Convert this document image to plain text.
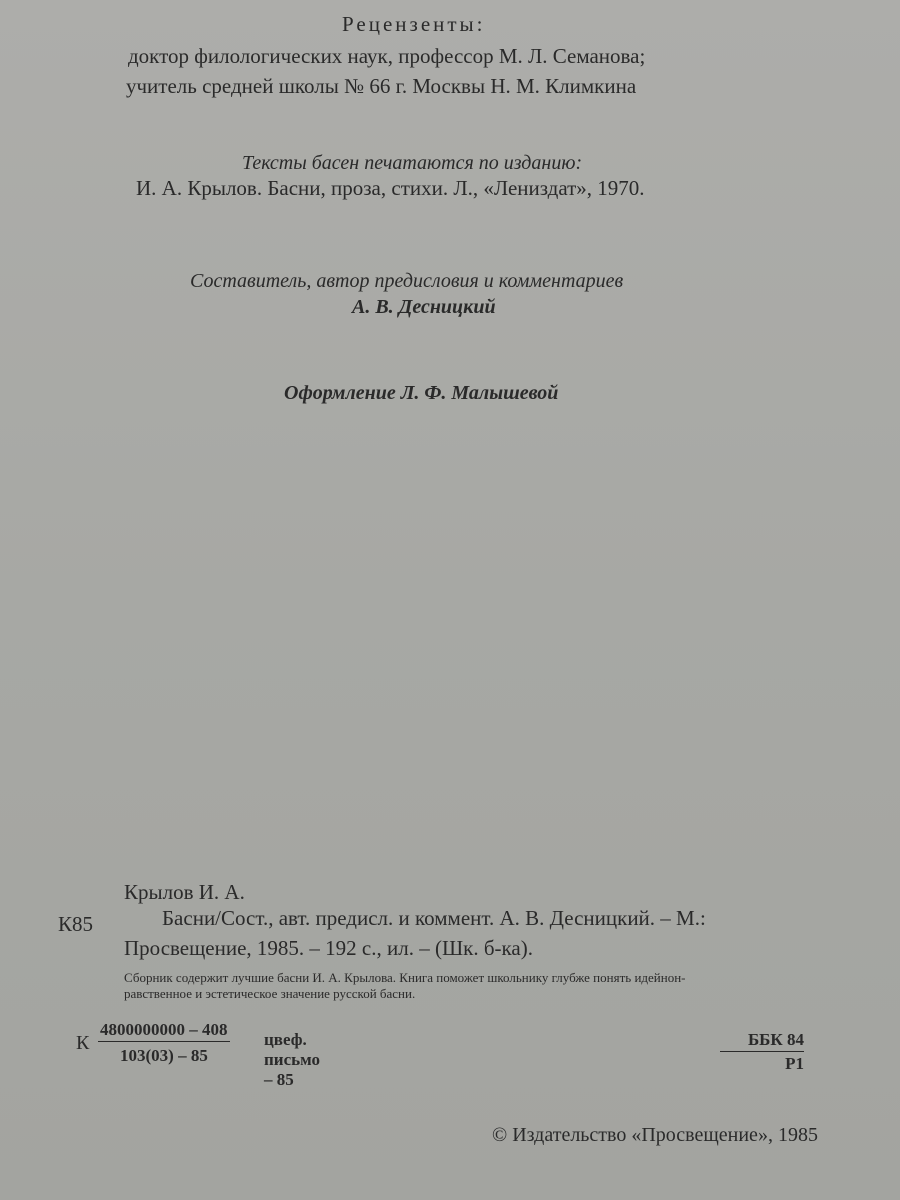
Рецензенты:
доктор филологических наук, профессор М. Л. Семанова;
учитель средней школы № 66 г. Москвы Н. М. Климкина
Тексты басен печатаются по изданию:
И. А. Крылов. Басни, проза, стихи. Л., «Лениздат», 1970.
Составитель, автор предисловия и комментариев
А. В. Десницкий
Оформление Л. Ф. Малышевой
Крылов И. А.
К85	Басни/Сост., авт. предисл. и коммент. А. В. Десницкий. – М.:
Просвещение, 1985. – 192 с., ил. – (Шк. б-ка).
Сборник содержит лучшие басни И. А. Крылова. Книга поможет школьнику глубже понять идейнон-
равственное и эстетическое значение русской басни.
К
4800000000 – 408
103(03) – 85
цвеф. письмо – 85
ББК 84
Р1
© Издательство «Просвещение», 1985
